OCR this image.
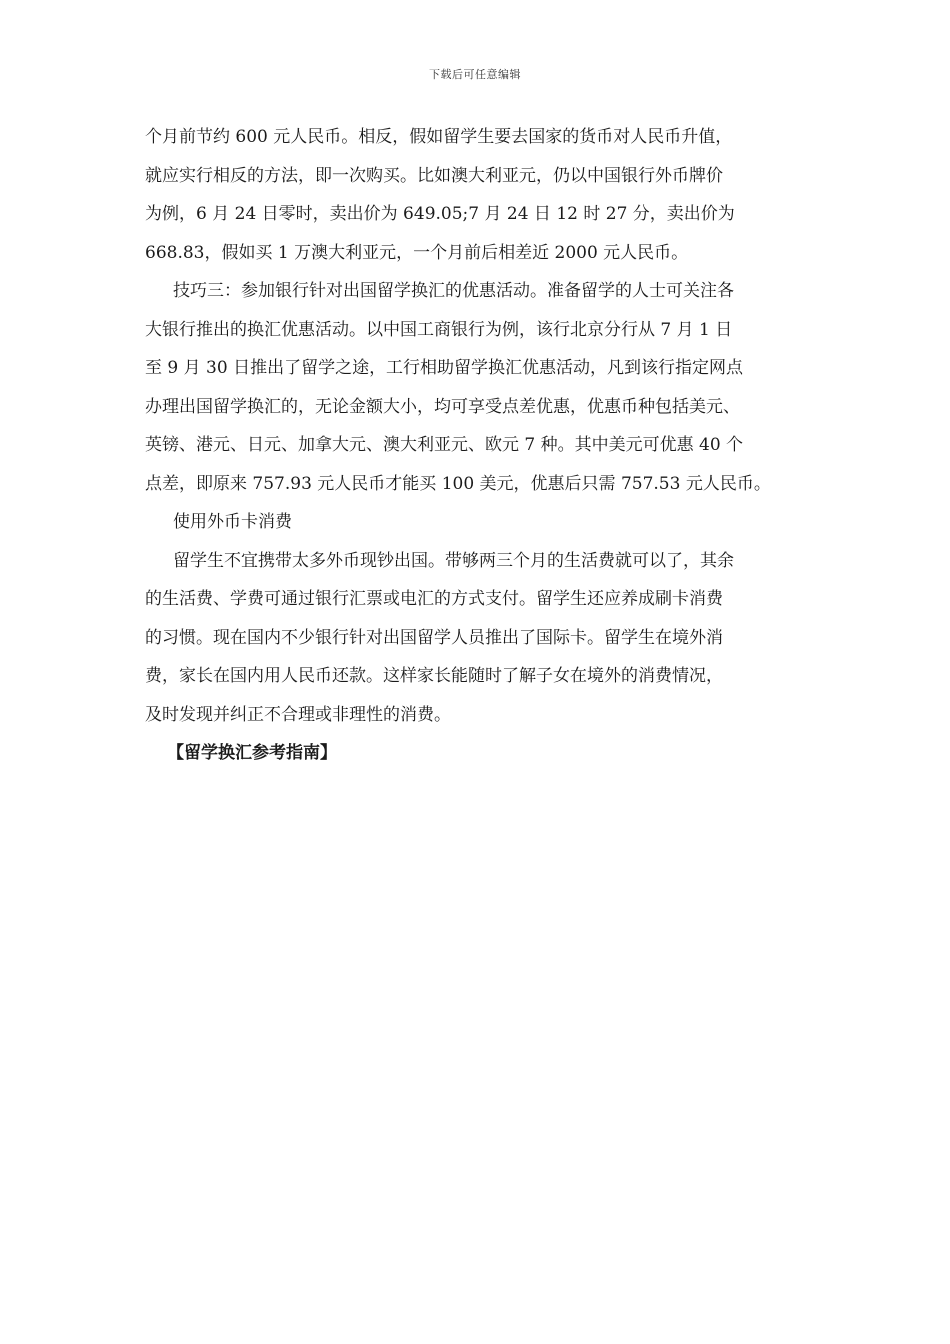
下载后可任意编辑
个月前节约 600 元人民币。相反，假如留学生要去国家的货币对人民币升值，
就应实行相反的方法，即一次购买。比如澳大利亚元，仍以中国银行外币牌价
为例，6 月 24 日零时，卖出价为 649.05;7 月 24 日 12 时 27 分，卖出价为
668.83，假如买 1 万澳大利亚元，一个月前后相差近 2000 元人民币。
技巧三：参加银行针对出国留学换汇的优惠活动。准备留学的人士可关注各
大银行推出的换汇优惠活动。以中国工商银行为例，该行北京分行从 7 月 1 日
至 9 月 30 日推出了留学之途，工行相助留学换汇优惠活动，凡到该行指定网点
办理出国留学换汇的，无论金额大小，均可享受点差优惠，优惠币种包括美元、
英镑、港元、日元、加拿大元、澳大利亚元、欧元 7 种。其中美元可优惠 40 个
点差，即原来 757.93 元人民币才能买 100 美元，优惠后只需 757.53 元人民币。
使用外币卡消费
留学生不宜携带太多外币现钞出国。带够两三个月的生活费就可以了，其余
的生活费、学费可通过银行汇票或电汇的方式支付。留学生还应养成刷卡消费
的习惯。现在国内不少银行针对出国留学人员推出了国际卡。留学生在境外消
费，家长在国内用人民币还款。这样家长能随时了解子女在境外的消费情况，
及时发现并纠正不合理或非理性的消费。
【留学换汇参考指南】
